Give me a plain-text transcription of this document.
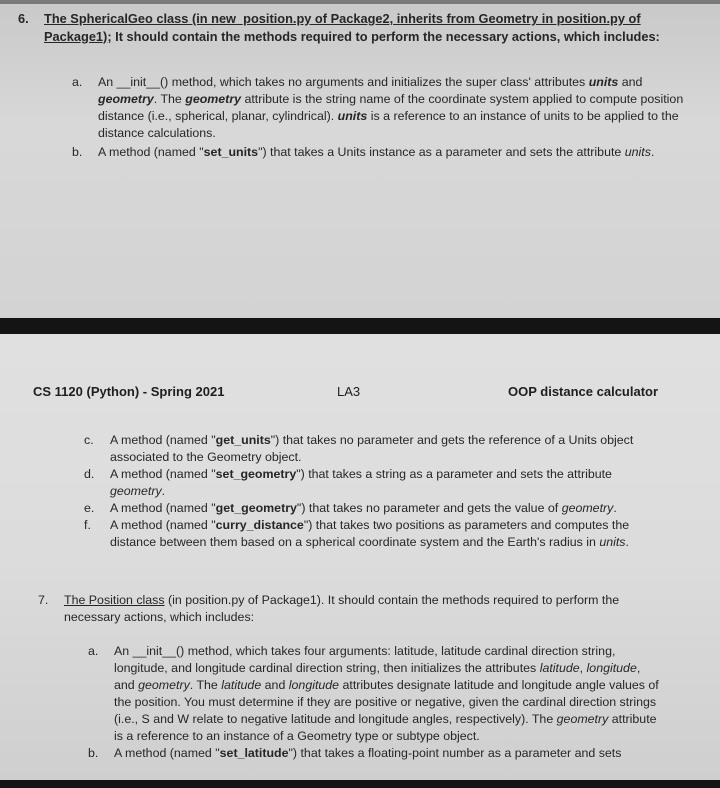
6. The SphericalGeo class (in new_position.py of Package2, inherits from Geometry in position.py of Package1); It should contain the methods required to perform the necessary actions, which includes:
a. An __init__() method, which takes no arguments and initializes the super class' attributes units and geometry. The geometry attribute is the string name of the coordinate system applied to compute position distance (i.e., spherical, planar, cylindrical). units is a reference to an instance of units to be applied to the distance calculations.
b. A method (named "set_units") that takes a Units instance as a parameter and sets the attribute units.
CS 1120 (Python) - Spring 2021	LA3	OOP distance calculator
c. A method (named "get_units") that takes no parameter and gets the reference of a Units object associated to the Geometry object.
d. A method (named "set_geometry") that takes a string as a parameter and sets the attribute geometry.
e. A method (named "get_geometry") that takes no parameter and gets the value of geometry.
f. A method (named "curry_distance") that takes two positions as parameters and computes the distance between them based on a spherical coordinate system and the Earth's radius in units.
7. The Position class (in position.py of Package1). It should contain the methods required to perform the necessary actions, which includes:
a. An __init__() method, which takes four arguments: latitude, latitude cardinal direction string, longitude, and longitude cardinal direction string, then initializes the attributes latitude, longitude, and geometry. The latitude and longitude attributes designate latitude and longitude angle values of the position. You must determine if they are positive or negative, given the cardinal direction strings (i.e., S and W relate to negative latitude and longitude angles, respectively). The geometry attribute is a reference to an instance of a Geometry type or subtype object.
b. A method (named "set_latitude") that takes a floating-point number as a parameter and sets
